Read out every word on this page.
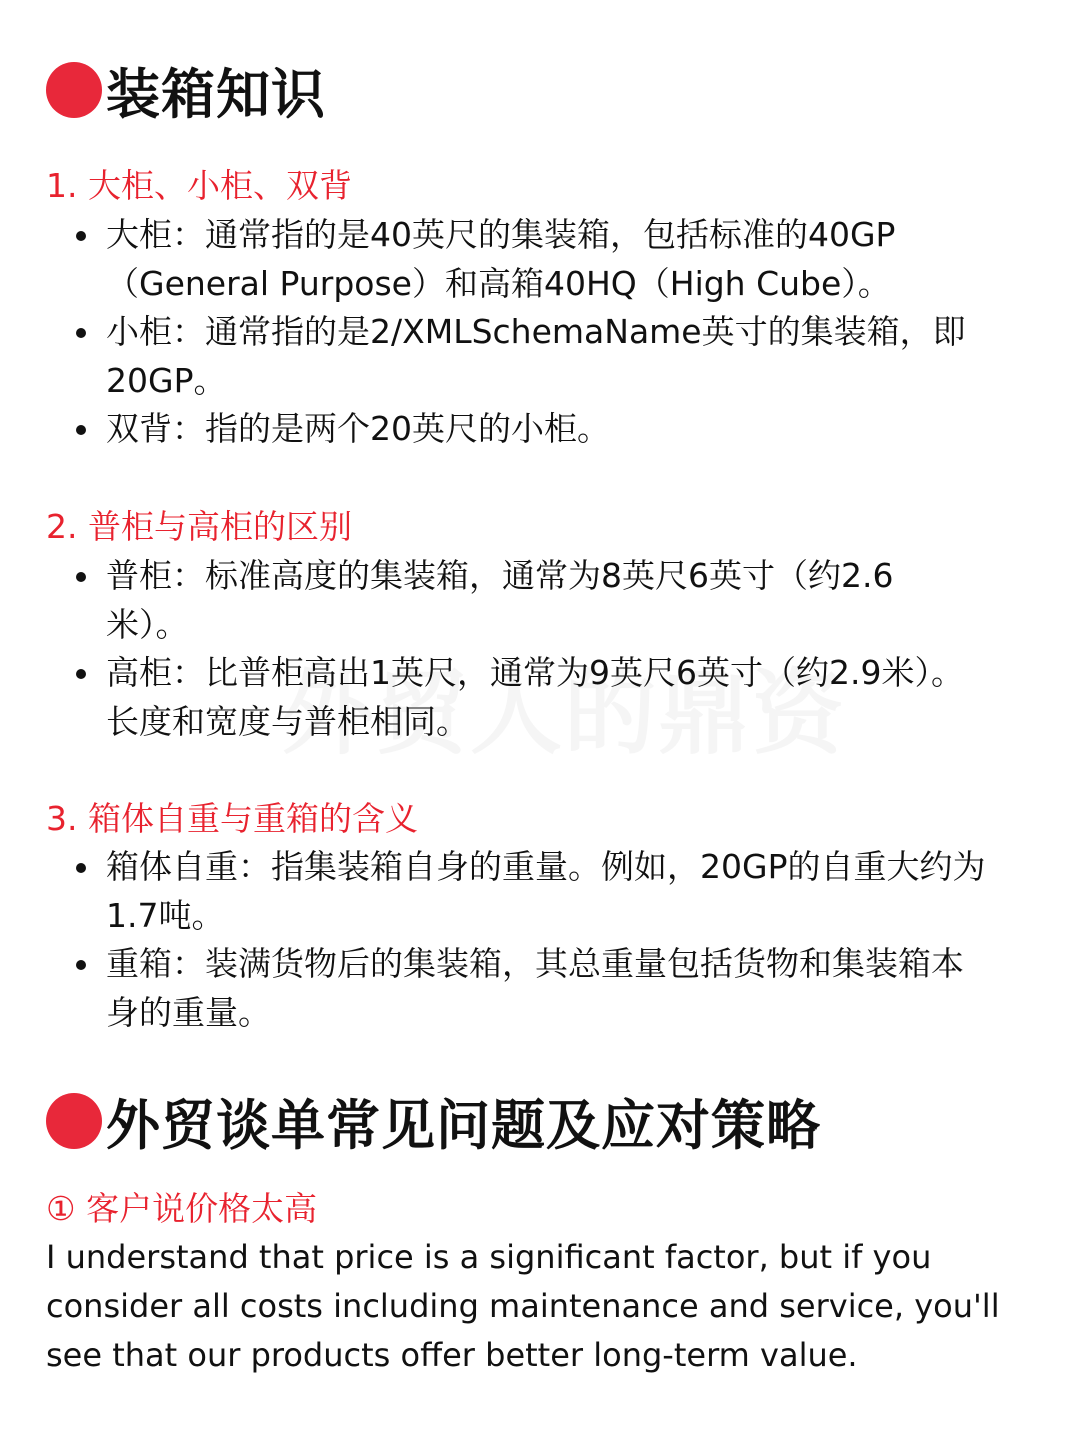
装箱知识
1. 大柜、小柜、双背
大柜：通常指的是40英尺的集装箱，包括标准的40GP
（General Purpose）和高箱40HQ（High Cube）。
小柜：通常指的是2/XMLSchemaName英寸的集装箱，即
20GP。
双背：指的是两个20英尺的小柜。
2. 普柜与高柜的区别
普柜：标准高度的集装箱，通常为8英尺6英寸（约2.6
米）。
高柜：比普柜高出1英尺，通常为9英尺6英寸（约2.9米）。
长度和宽度与普柜相同。
3. 箱体自重与重箱的含义
箱体自重：指集装箱自身的重量。例如，20GP的自重大约为
1.7吨。
重箱：装满货物后的集装箱，其总重量包括货物和集装箱本
身的重量。
外贸谈单常见问题及应对策略
① 客户说价格太高
I understand that price is a significant factor, but if you
consider all costs including maintenance and service, you'll
see that our products offer better long-term value.
